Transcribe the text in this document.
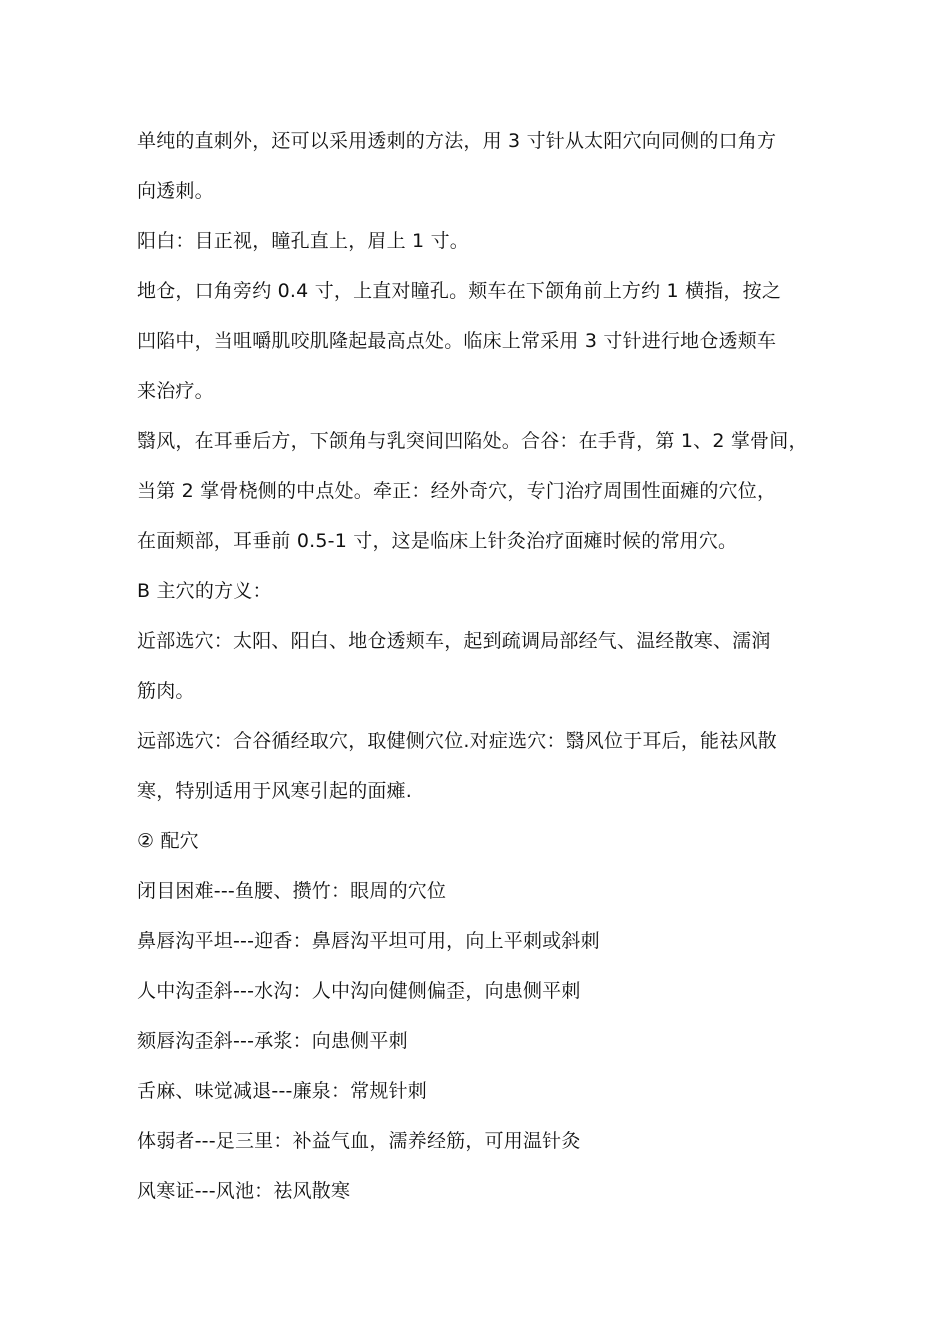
单纯的直刺外，还可以采用透刺的方法，用 3 寸针从太阳穴向同侧的口角方
向透刺。
阳白：目正视，瞳孔直上，眉上 1 寸。
地仓，口角旁约 0.4 寸，上直对瞳孔。颊车在下颌角前上方约 1 横指，按之
凹陷中，当咀嚼肌咬肌隆起最高点处。临床上常采用 3 寸针进行地仓透颊车
来治疗。
翳风，在耳垂后方，下颌角与乳突间凹陷处。合谷：在手背，第 1、2 掌骨间，
当第 2 掌骨桡侧的中点处。牵正：经外奇穴，专门治疗周围性面瘫的穴位，
在面颊部，耳垂前 0.5-1 寸，这是临床上针灸治疗面瘫时候的常用穴。
B 主穴的方义：
近部选穴：太阳、阳白、地仓透颊车，起到疏调局部经气、温经散寒、濡润
筋肉。
远部选穴：合谷循经取穴，取健侧穴位.对症选穴：翳风位于耳后，能祛风散
寒，特别适用于风寒引起的面瘫.
② 配穴
闭目困难---鱼腰、攒竹：眼周的穴位
鼻唇沟平坦---迎香：鼻唇沟平坦可用，向上平刺或斜刺
人中沟歪斜---水沟：人中沟向健侧偏歪，向患侧平刺
颏唇沟歪斜---承浆：向患侧平刺
舌麻、味觉减退---廉泉：常规针刺
体弱者---足三里：补益气血，濡养经筋，可用温针灸
风寒证---风池：祛风散寒
